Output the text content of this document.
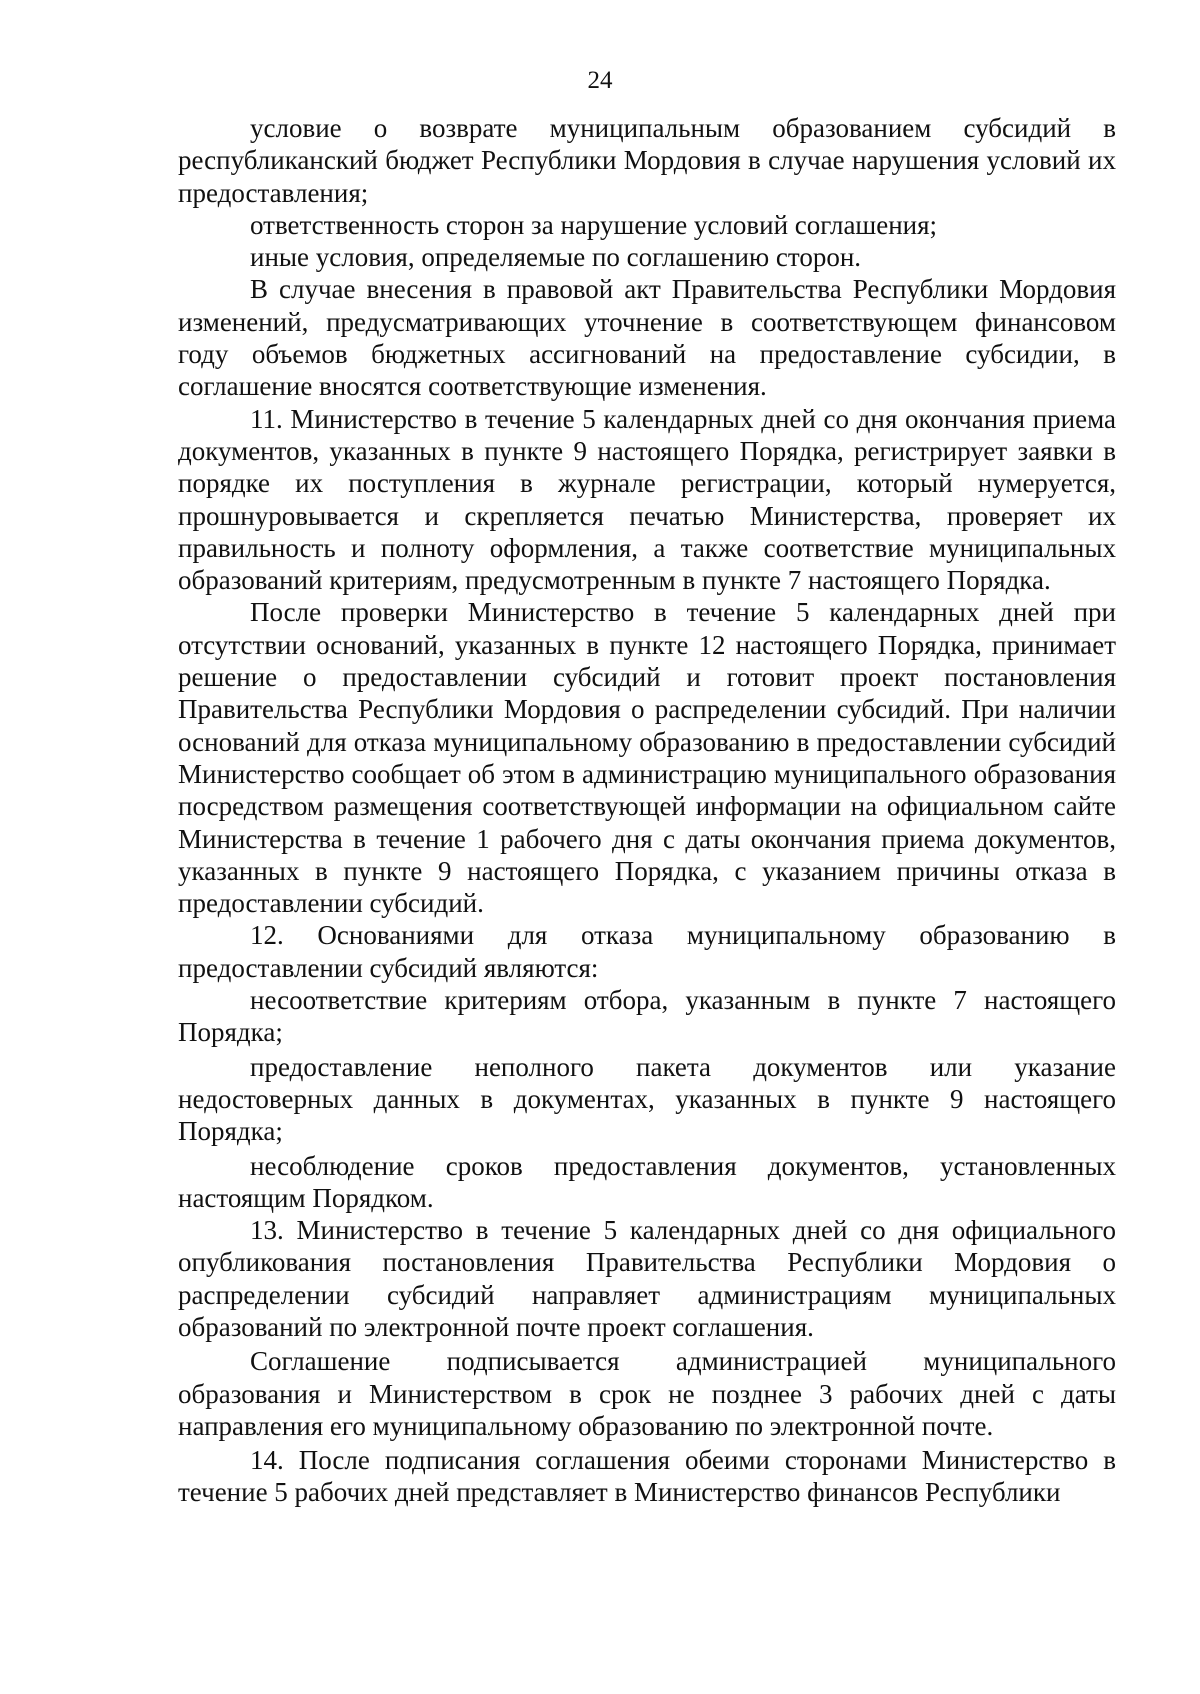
24

условие о возврате муниципальным образованием субсидий в республиканский бюджет Республики Мордовия в случае нарушения условий их предоставления;

ответственность сторон за нарушение условий соглашения;

иные условия, определяемые по соглашению сторон.

В случае внесения в правовой акт Правительства Республики Мордовия изменений, предусматривающих уточнение в соответствующем финансовом году объемов бюджетных ассигнований на предоставление субсидии, в соглашение вносятся соответствующие изменения.

11. Министерство в течение 5 календарных дней со дня окончания приема документов, указанных в пункте 9 настоящего Порядка, регистрирует заявки в порядке их поступления в журнале регистрации, который нумеруется, прошнуровывается и скрепляется печатью Министерства, проверяет их правильность и полноту оформления, а также соответствие муниципальных образований критериям, предусмотренным в пункте 7 настоящего Порядка.

После проверки Министерство в течение 5 календарных дней при отсутствии оснований, указанных в пункте 12 настоящего Порядка, принимает решение о предоставлении субсидий и готовит проект постановления Правительства Республики Мордовия о распределении субсидий. При наличии оснований для отказа муниципальному образованию в предоставлении субсидий Министерство сообщает об этом в администрацию муниципального образования посредством размещения соответствующей информации на официальном сайте Министерства в течение 1 рабочего дня с даты окончания приема документов, указанных в пункте 9 настоящего Порядка, с указанием причины отказа в предоставлении субсидий.

12. Основаниями для отказа муниципальному образованию в предоставлении субсидий являются:

несоответствие критериям отбора, указанным в пункте 7 настоящего Порядка;

предоставление неполного пакета документов или указание недостоверных данных в документах, указанных в пункте 9 настоящего Порядка;

несоблюдение сроков предоставления документов, установленных настоящим Порядком.

13. Министерство в течение 5 календарных дней со дня официального опубликования постановления Правительства Республики Мордовия о распределении субсидий направляет администрациям муниципальных образований по электронной почте проект соглашения.

Соглашение подписывается администрацией муниципального образования и Министерством в срок не позднее 3 рабочих дней с даты направления его муниципальному образованию по электронной почте.

14. После подписания соглашения обеими сторонами Министерство в течение 5 рабочих дней представляет в Министерство финансов Республики
